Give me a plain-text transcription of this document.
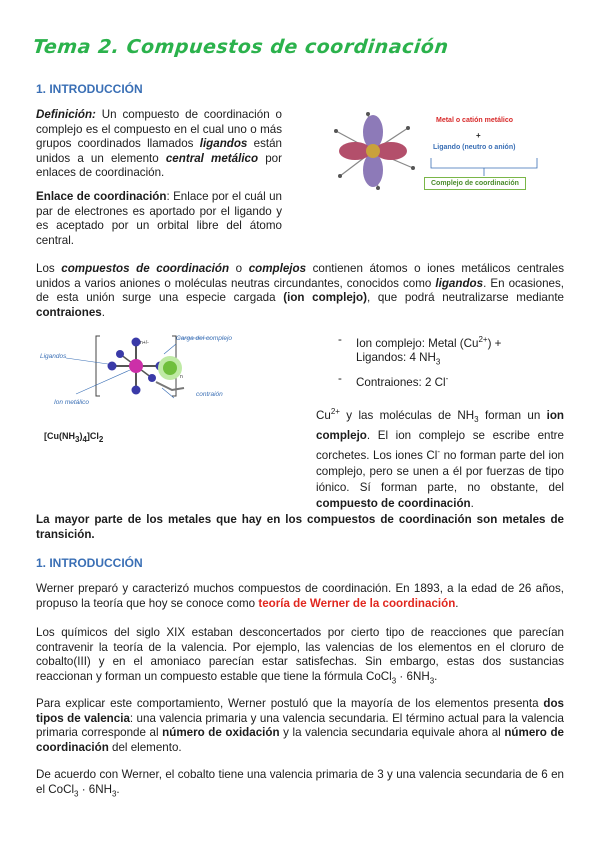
Tema 2. Compuestos de coordinación
1. INTRODUCCIÓN
Definición: Un compuesto de coordinación o complejo es el compuesto en el cual uno o más grupos coordinados llamados ligandos están unidos a un elemento central metálico por enlaces de coordinación.
Enlace de coordinación: Enlace por el cuál un par de electrones es aportado por el ligando y es aceptado por un orbital libre del átomo central.
Metal o catión metálico
+
Ligando (neutro o anión)
Complejo de coordinación
Los compuestos de coordinación o complejos contienen átomos o iones metálicos centrales unidos a varios aniones o moléculas neutras circundantes, conocidos como ligandos. En ocasiones, de esta unión surge una especie cargada (ion complejo), que podrá neutralizarse mediante contraiones.
Ligandos
Ion metálico
Carga del complejo
n+/-
n
contraión
$[Cu(NH_3)_4]Cl_2$
- Ion complejo: Metal $(Cu^{2+})$ +
Ligandos: 4 $NH_3$
- Contraiones: 2 Cl-
$Cu^{2+}$ y las moléculas de $NH_3$ forman un ion complejo. El ion complejo se escribe entre corchetes. Los iones Cl- no forman parte del ion complejo, pero se unen a él por fuerzas de tipo iónico. Sí forman parte, no obstante, del compuesto de coordinación.
La mayor parte de los metales que hay en los compuestos de coordinación son metales de transición.
1. INTRODUCCIÓN
Werner preparó y caracterizó muchos compuestos de coordinación. En 1893, a la edad de 26 años, propuso la teoría que hoy se conoce como teoría de Werner de la coordinación.
Los químicos del siglo XIX estaban desconcertados por cierto tipo de reacciones que parecían contravenir la teoría de la valencia. Por ejemplo, las valencias de los elementos en el cloruro de cobalto(III) y en el amoniaco parecían estar satisfechas. Sin embargo, estas dos sustancias reaccionan y forman un compuesto estable que tiene la fórmula CoCl$_3$ · $6NH_3$.
Para explicar este comportamiento, Werner postuló que la mayoría de los elementos presenta dos tipos de valencia: una valencia primaria y una valencia secundaria. El término actual para la valencia primaria corresponde al número de oxidación y la valencia secundaria equivale ahora al número de coordinación del elemento.
De acuerdo con Werner, el cobalto tiene una valencia primaria de 3 y una valencia secundaria de 6 en el CoCl$_3$ · $6NH_3$.
